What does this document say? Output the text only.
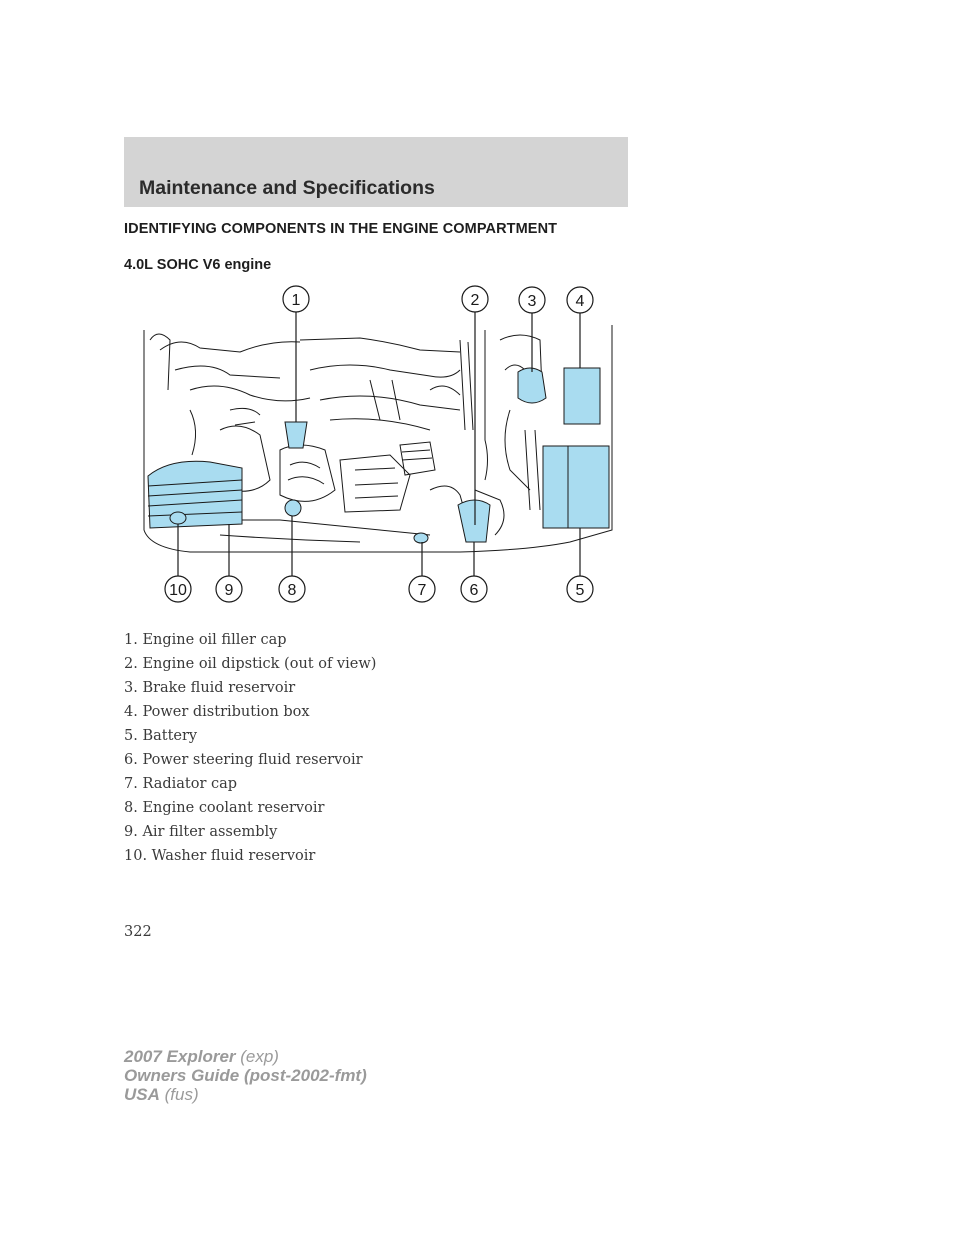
Maintenance and Specifications
IDENTIFYING COMPONENTS IN THE ENGINE COMPARTMENT
4.0L SOHC V6 engine
1	2	3 4
5
6
7
8
9
10
1. Engine oil filler cap
2. Engine oil dipstick (out of view)
3. Brake fluid reservoir
4. Power distribution box
5. Battery
6. Power steering fluid reservoir
7. Radiator cap
8. Engine coolant reservoir
9. Air filter assembly
10. Washer fluid reservoir
322
2007 Explorer (exp)
Owners Guide (post-2002-fmt)
USA (fus)
